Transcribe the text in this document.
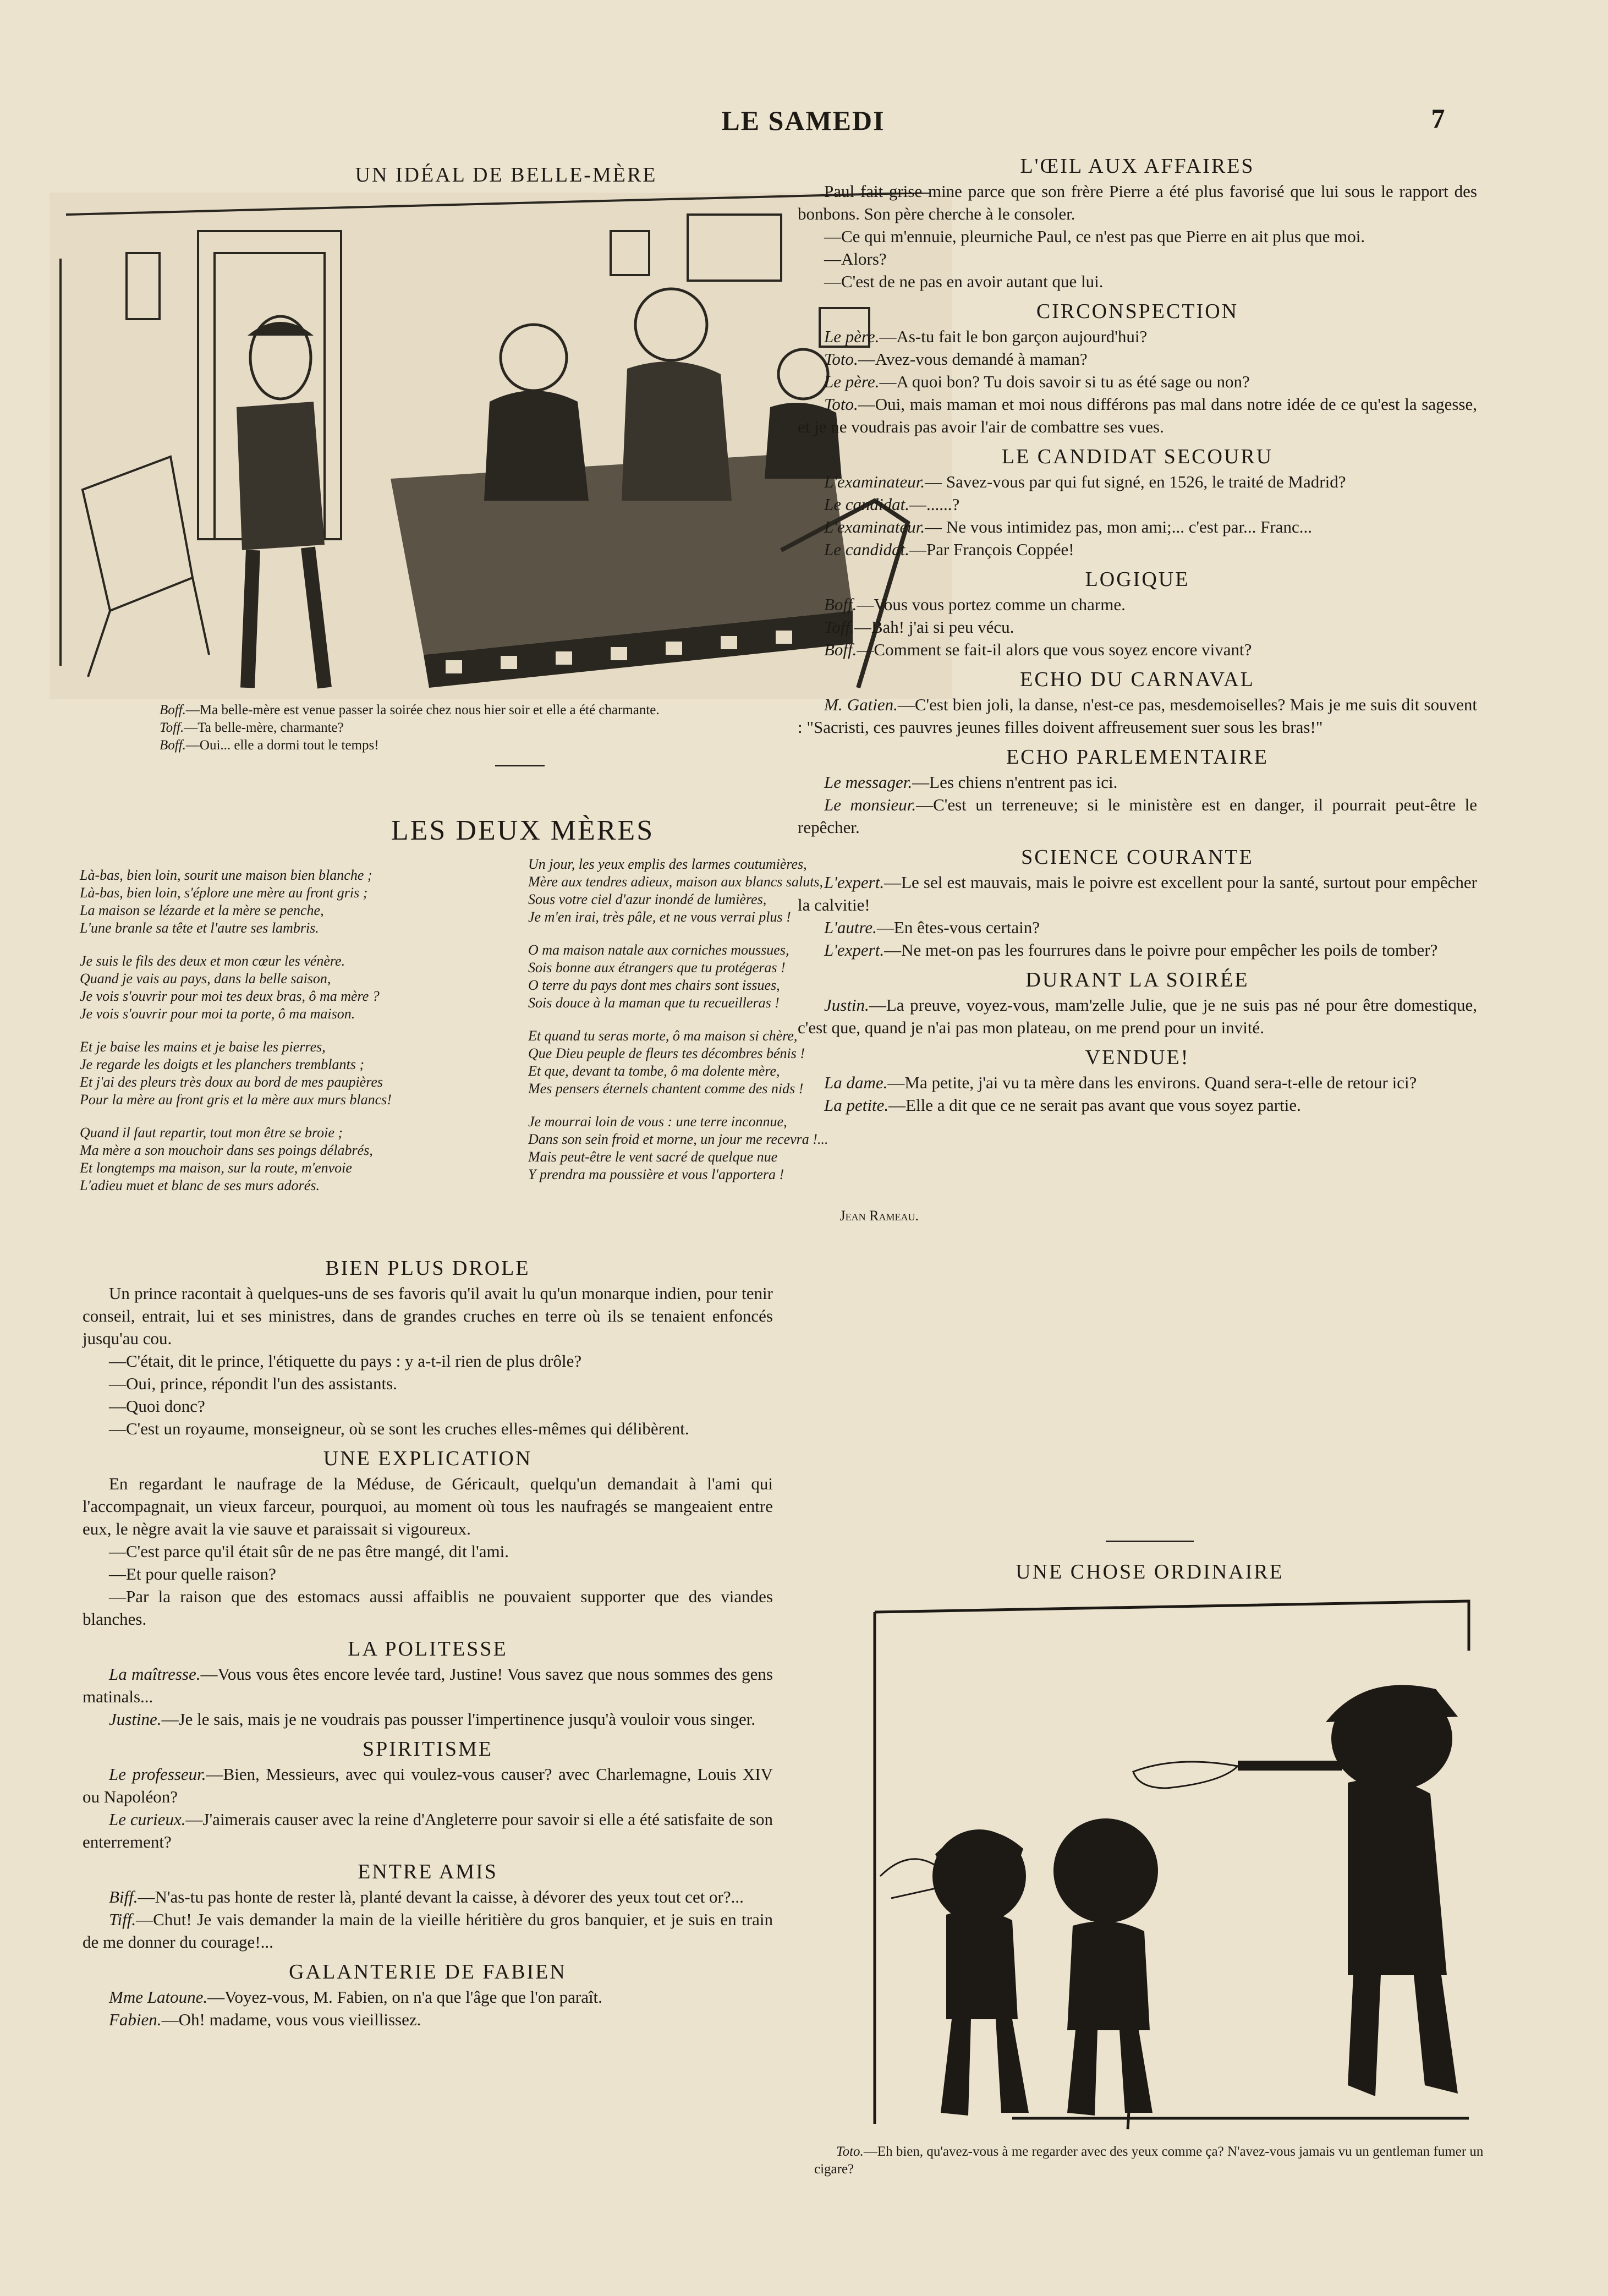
LE SAMEDI	7
UN IDÉAL DE BELLE-MÈRE

Boff.—Ma belle-mère est venue passer la soirée chez nous hier soir et elle a été charmante.

Toff.—Ta belle-mère, charmante?

Boff.—Oui... elle a dormi tout le temps!

LES DEUX MÈRES
Là-bas, bien loin, sourit une maison bien blanche ;
Là-bas, bien loin, s'éplore une mère au front gris ;
La maison se lézarde et la mère se penche,
L'une branle sa tête et l'autre ses lambris.
Je suis le fils des deux et mon cœur les vénère.
Quand je vais au pays, dans la belle saison,
Je vois s'ouvrir pour moi tes deux bras, ô ma mère ?
Je vois s'ouvrir pour moi ta porte, ô ma maison.
Et je baise les mains et je baise les pierres,
Je regarde les doigts et les planchers tremblants ;
Et j'ai des pleurs très doux au bord de mes paupières
Pour la mère au front gris et la mère aux murs blancs!
Quand il faut repartir, tout mon être se broie ;
Ma mère a son mouchoir dans ses poings délabrés,
Et longtemps ma maison, sur la route, m'envoie
L'adieu muet et blanc de ses murs adorés.
Un jour, les yeux emplis des larmes coutumières,
Mère aux tendres adieux, maison aux blancs saluts,
Sous votre ciel d'azur inondé de lumières,
Je m'en irai, très pâle, et ne vous verrai plus !
O ma maison natale aux corniches moussues,
Sois bonne aux étrangers que tu protégeras !
O terre du pays dont mes chairs sont issues,
Sois douce à la maman que tu recueilleras !
Et quand tu seras morte, ô ma maison si chère,
Que Dieu peuple de fleurs tes décombres bénis !
Et que, devant ta tombe, ô ma dolente mère,
Mes pensers éternels chantent comme des nids !
Je mourrai loin de vous : une terre inconnue,
Dans son sein froid et morne, un jour me recevra !...
Mais peut-être le vent sacré de quelque nue
Y prendra ma poussière et vous l'apportera !
Jean Rameau.
BIEN PLUS DROLE

Un prince racontait à quelques-uns de ses favoris qu'il avait lu qu'un monarque indien, pour tenir conseil, entrait, lui et ses ministres, dans de grandes cruches en terre où ils se tenaient enfoncés jusqu'au cou.

—C'était, dit le prince, l'étiquette du pays : y a-t-il rien de plus drôle?

—Oui, prince, répondit l'un des assistants.

—Quoi donc?

—C'est un royaume, monseigneur, où se sont les cruches elles-mêmes qui délibèrent.

UNE EXPLICATION

En regardant le naufrage de la Méduse, de Géricault, quelqu'un demandait à l'ami qui l'accompagnait, un vieux farceur, pourquoi, au moment où tous les naufragés se mangeaient entre eux, le nègre avait la vie sauve et paraissait si vigoureux.

—C'est parce qu'il était sûr de ne pas être mangé, dit l'ami.

—Et pour quelle raison?

—Par la raison que des estomacs aussi affaiblis ne pouvaient supporter que des viandes blanches.

LA POLITESSE

La maîtresse.—Vous vous êtes encore levée tard, Justine! Vous savez que nous sommes des gens matinals...

Justine.—Je le sais, mais je ne voudrais pas pousser l'impertinence jusqu'à vouloir vous singer.

SPIRITISME

Le professeur.—Bien, Messieurs, avec qui voulez-vous causer? avec Charlemagne, Louis XIV ou Napoléon?

Le curieux.—J'aimerais causer avec la reine d'Angleterre pour savoir si elle a été satisfaite de son enterrement?

ENTRE AMIS

Biff.—N'as-tu pas honte de rester là, planté devant la caisse, à dévorer des yeux tout cet or?...

Tiff.—Chut! Je vais demander la main de la vieille héritière du gros banquier, et je suis en train de me donner du courage!...

GALANTERIE DE FABIEN

Mme Latoune.—Voyez-vous, M. Fabien, on n'a que l'âge que l'on paraît.

Fabien.—Oh! madame, vous vous vieillissez.

L'ŒIL AUX AFFAIRES

Paul fait grise mine parce que son frère Pierre a été plus favorisé que lui sous le rapport des bonbons. Son père cherche à le consoler.

—Ce qui m'ennuie, pleurniche Paul, ce n'est pas que Pierre en ait plus que moi.

—Alors?

—C'est de ne pas en avoir autant que lui.

CIRCONSPECTION

Le père.—As-tu fait le bon garçon aujourd'hui?

Toto.—Avez-vous demandé à maman?

Le père.—A quoi bon? Tu dois savoir si tu as été sage ou non?

Toto.—Oui, mais maman et moi nous différons pas mal dans notre idée de ce qu'est la sagesse, et je ne voudrais pas avoir l'air de combattre ses vues.

LE CANDIDAT SECOURU

L'examinateur.— Savez-vous par qui fut signé, en 1526, le traité de Madrid?

Le candidat.—......?

L'examinateur.— Ne vous intimidez pas, mon ami;... c'est par... Franc...

Le candidat.—Par François Coppée!

LOGIQUE

Boff.—Vous vous portez comme un charme.

Toff.—Bah! j'ai si peu vécu.

Boff.—Comment se fait-il alors que vous soyez encore vivant?

ECHO DU CARNAVAL

M. Gatien.—C'est bien joli, la danse, n'est-ce pas, mesdemoiselles? Mais je me suis dit souvent : "Sacristi, ces pauvres jeunes filles doivent affreusement suer sous les bras!"

ECHO PARLEMENTAIRE

Le messager.—Les chiens n'entrent pas ici.

Le monsieur.—C'est un terreneuve; si le ministère est en danger, il pourrait peut-être le repêcher.

SCIENCE COURANTE

L'expert.—Le sel est mauvais, mais le poivre est excellent pour la santé, surtout pour empêcher la calvitie!

L'autre.—En êtes-vous certain?

L'expert.—Ne met-on pas les fourrures dans le poivre pour empêcher les poils de tomber?

DURANT LA SOIRÉE

Justin.—La preuve, voyez-vous, mam'zelle Julie, que je ne suis pas né pour être domestique, c'est que, quand je n'ai pas mon plateau, on me prend pour un invité.

VENDUE!

La dame.—Ma petite, j'ai vu ta mère dans les environs. Quand sera-t-elle de retour ici?

La petite.—Elle a dit que ce ne serait pas avant que vous soyez partie.

UNE CHOSE ORDINAIRE

Toto.—Eh bien, qu'avez-vous à me regarder avec des yeux comme ça? N'avez-vous jamais vu un gentleman fumer un cigare?
